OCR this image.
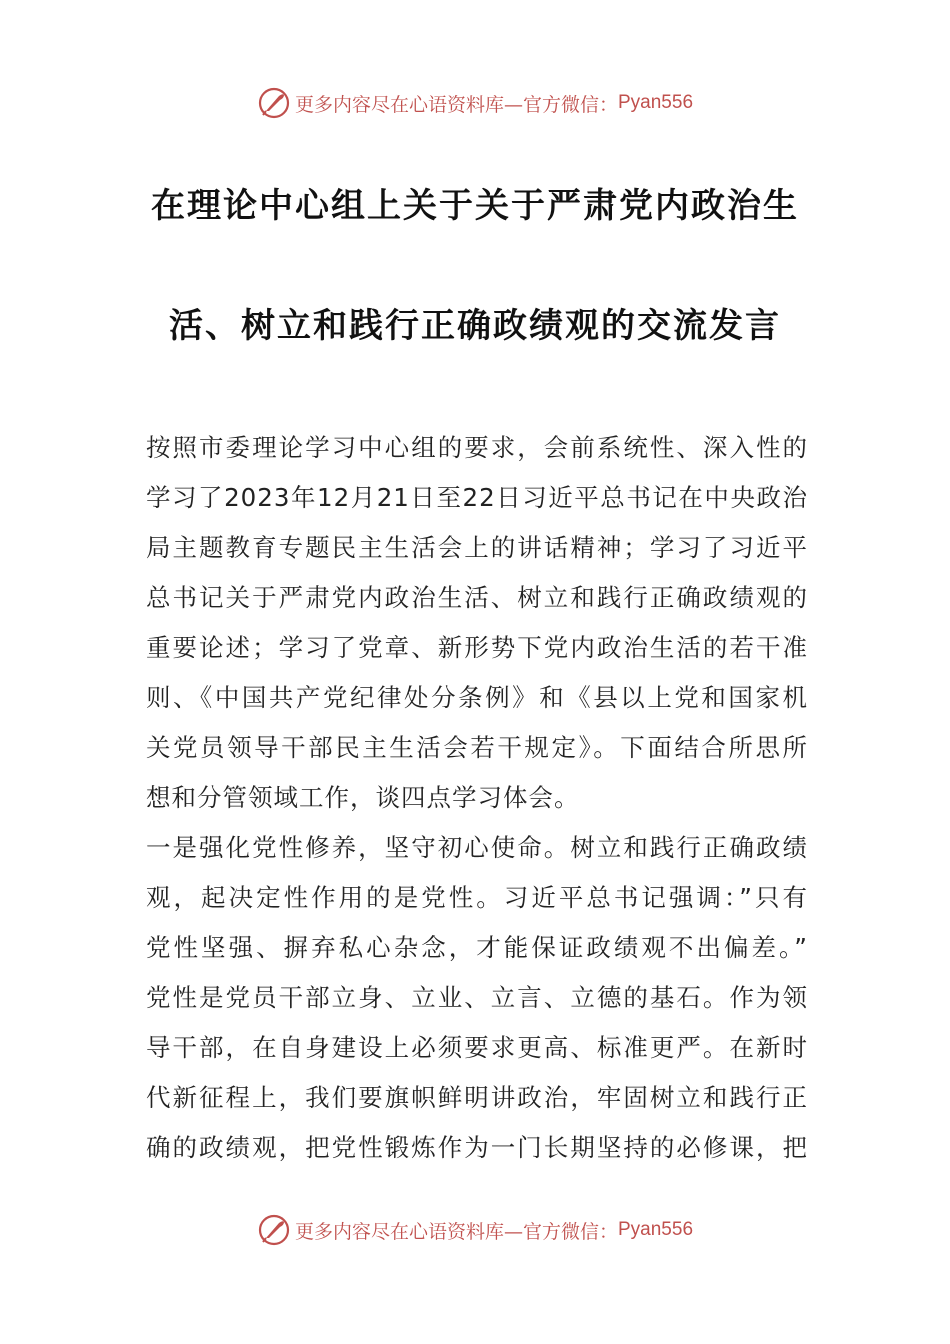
更多内容尽在心语资料库—官方微信： Pyan556
在理论中心组上关于关于严肃党内政治生
活、树立和践行正确政绩观的交流发言
按照市委理论学习中心组的要求，会前系统性、深入性的
学习了2023年12月21日至22日习近平总书记在中央政治
局主题教育专题民主生活会上的讲话精神；学习了习近平
总书记关于严肃党内政治生活、树立和践行正确政绩观的
重要论述；学习了党章、新形势下党内政治生活的若干准
则、《中国共产党纪律处分条例》和《县以上党和国家机
关党员领导干部民主生活会若干规定》。下面结合所思所
想和分管领域工作，谈四点学习体会。
一是强化党性修养，坚守初心使命。树立和践行正确政绩
观，起决定性作用的是党性。习近平总书记强调：”只有
党性坚强、摒弃私心杂念，才能保证政绩观不出偏差。”
党性是党员干部立身、立业、立言、立德的基石。作为领
导干部，在自身建设上必须要求更高、标准更严。在新时
代新征程上，我们要旗帜鲜明讲政治，牢固树立和践行正
确的政绩观，把党性锻炼作为一门长期坚持的必修课，把
更多内容尽在心语资料库—官方微信： Pyan556
